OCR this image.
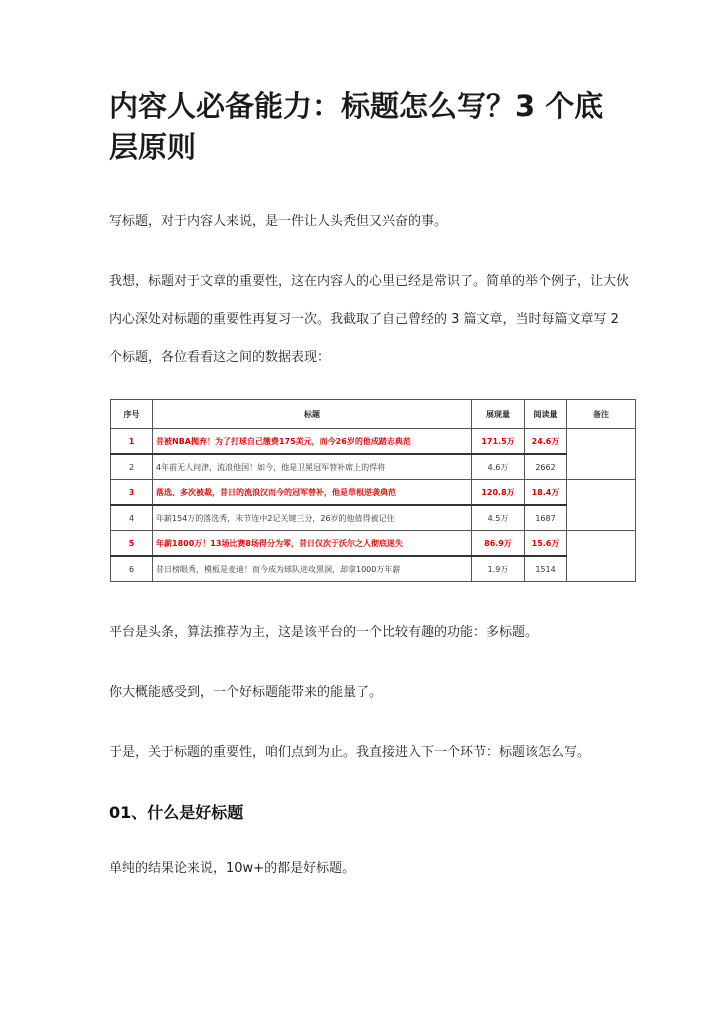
内容人必备能力：标题怎么写？3 个底层原则
写标题，对于内容人来说，是一件让人头秃但又兴奋的事。
我想，标题对于文章的重要性，这在内容人的心里已经是常识了。简单的举个例子，让大伙内心深处对标题的重要性再复习一次。我截取了自己曾经的 3 篇文章，当时每篇文章写 2 个标题，各位看看这之间的数据表现：
序号	标题	展现量	阅读量	备注
1	昔被NBA抛弃！为了打球自己缴费175美元，而今26岁的他成踏志典范	171.5万	24.6万	
2	4年前无人问津，流浪他国！如今，他是卫冕冠军替补席上的悍将	4.6万	2662	
3	落选、多次被裁，昔日的流浪汉而今的冠军替补，他是草根逆袭典范	120.8万	18.4万	
4	年薪154万的落选秀，末节连中2记关键三分，26岁的他值得被记住	4.5万	1687	
5	年薪1800万！13场比赛8场得分为零，昔日仅次于沃尔之人彻底迷失	86.9万	15.6万	
6	昔日榜眼秀，模板是麦迪！而今成为球队进攻黑洞，却拿1000万年薪	1.9万	1514	
平台是头条，算法推荐为主，这是该平台的一个比较有趣的功能：多标题。
你大概能感受到，一个好标题能带来的能量了。
于是，关于标题的重要性，咱们点到为止。我直接进入下一个环节：标题该怎么写。
01、什么是好标题
单纯的结果论来说，10w+的都是好标题。
